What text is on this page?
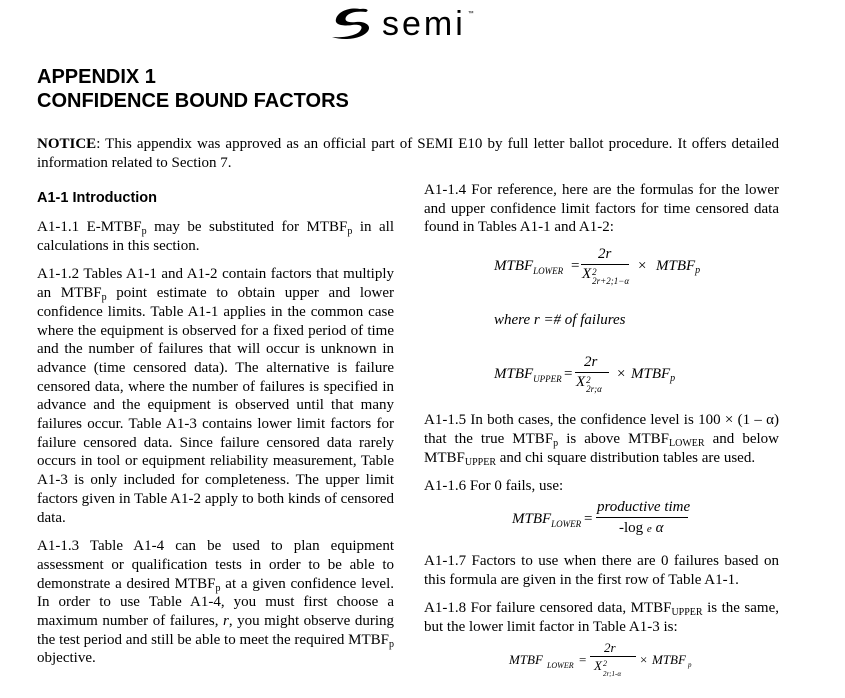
semi ™
APPENDIX 1
CONFIDENCE BOUND FACTORS
NOTICE: This appendix was approved as an official part of SEMI E10 by full letter ballot procedure. It offers detailed information related to Section 7.
A1-1 Introduction

A1-1.1 $E-MTBF_p$ may be substituted for $MTBF_p$ in all calculations in this section.

A1-1.2 Tables A1-1 and A1-2 contain factors that multiply an $MTBF_p$ point estimate to obtain upper and lower confidence limits. Table A1-1 applies in the common case where the equipment is observed for a fixed period of time and the number of failures that will occur is unknown in advance (time censored data). The alternative is failure censored data, where the number of failures is specified in advance and the equipment is observed until that many failures occur. Table A1-3 contains lower limit factors for failure censored data. Since failure censored data rarely occurs in tool or equipment reliability measurement, Table A1-3 is only included for completeness. The upper limit factors given in Table A1-2 apply to both kinds of censored data.

A1-1.3 Table A1-4 can be used to plan equipment assessment or qualification tests in order to be able to demonstrate a desired $MTBF_p$ at a given confidence level. In order to use Table A1-4, you must first choose a maximum number of failures, r, you might observe during the test period and still be able to meet the required $MTBF_p$ objective.

A1-1.4 For reference, here are the formulas for the lower and upper confidence limit factors for time censored data found in Tables A1-1 and A1-2:

$MTBF_{LOWER}$ =
2r
X 2
$_{2r+2;1-\alpha}$
× $MTBF_p$
where r =# of failures
$MTBF_{UPPER}$ =
2r
X 2
$_{2r;\alpha}$
× $MTBF_p$

A1-1.5 In both cases, the confidence level is 100 × (1 – α) that the true $MTBF_p$ is above $MTBF_{LOWER}$ and below $MTBF_{UPPER}$ and chi square distribution tables are used.

A1-1.6 For 0 fails, use:

$MTBF_{LOWER}$ =
productive time
-log e α

A1-1.7 Factors to use when there are 0 failures based on this formula are given in the first row of Table A1-1.

A1-1.8 For failure censored data, $MTBF_{UPPER}$ is the same, but the lower limit factor in Table A1-3 is:

MTBF $_{LOWER}$ =
2r
X 2
$_{2r;1-\alpha}$
× MTBF $_p$
